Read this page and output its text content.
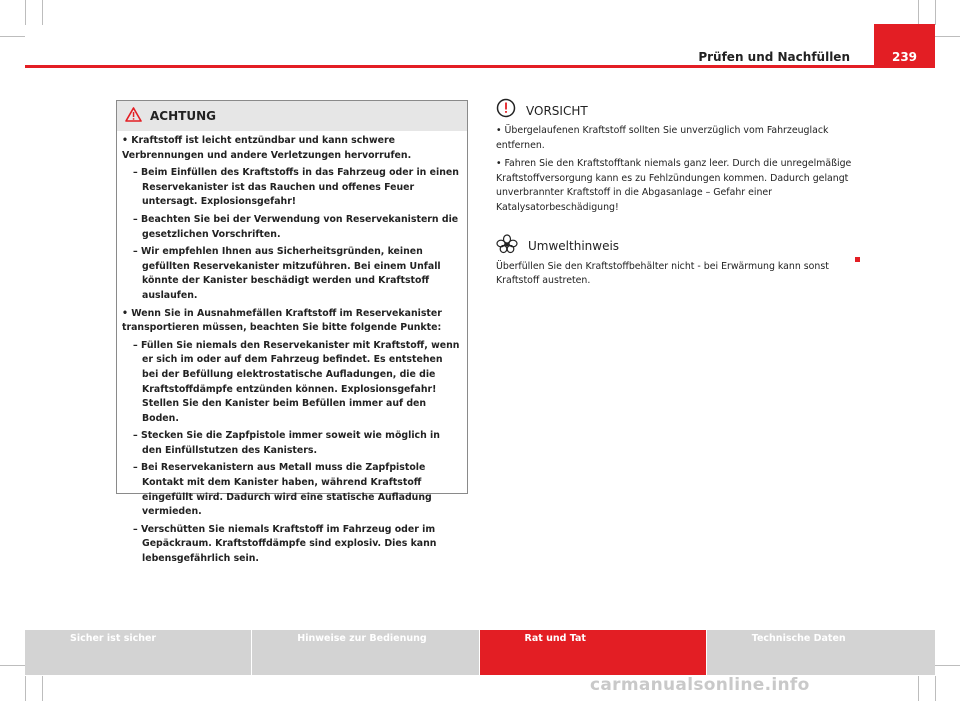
Prüfen und Nachfüllen	239
ACHTUNG

• Kraftstoff ist leicht entzündbar und kann schwere Verbrennungen und andere Verletzungen hervorrufen.

– Beim Einfüllen des Kraftstoffs in das Fahrzeug oder in einen Reservekanister ist das Rauchen und offenes Feuer untersagt. Explosionsgefahr!

– Beachten Sie bei der Verwendung von Reservekanistern die gesetzlichen Vorschriften.

– Wir empfehlen Ihnen aus Sicherheitsgründen, keinen gefüllten Reservekanister mitzuführen. Bei einem Unfall könnte der Kanister beschädigt werden und Kraftstoff auslaufen.

• Wenn Sie in Ausnahmefällen Kraftstoff im Reservekanister transportieren müssen, beachten Sie bitte folgende Punkte:

– Füllen Sie niemals den Reservekanister mit Kraftstoff, wenn er sich im oder auf dem Fahrzeug befindet. Es entstehen bei der Befüllung elektrostatische Aufladungen, die die Kraftstoffdämpfe entzünden können. Explosionsgefahr! Stellen Sie den Kanister beim Befüllen immer auf den Boden.

– Stecken Sie die Zapfpistole immer soweit wie möglich in den Einfüllstutzen des Kanisters.

– Bei Reservekanistern aus Metall muss die Zapfpistole Kontakt mit dem Kanister haben, während Kraftstoff eingefüllt wird. Dadurch wird eine statische Aufladung vermieden.

– Verschütten Sie niemals Kraftstoff im Fahrzeug oder im Gepäckraum. Kraftstoffdämpfe sind explosiv. Dies kann lebensgefährlich sein.

VORSICHT

• Übergelaufenen Kraftstoff sollten Sie unverzüglich vom Fahrzeuglack entfernen.

• Fahren Sie den Kraftstofftank niemals ganz leer. Durch die unregelmäßige Kraftstoffversorgung kann es zu Fehlzündungen kommen. Dadurch gelangt unverbrannter Kraftstoff in die Abgasanlage – Gefahr einer Katalysatorbeschädigung!

Umwelthinweis

Überfüllen Sie den Kraftstoffbehälter nicht - bei Erwärmung kann sonst Kraftstoff austreten.

Sicher ist sicher	Hinweise zur Bedienung	Rat und Tat	Technische Daten
carmanualsonline.info
